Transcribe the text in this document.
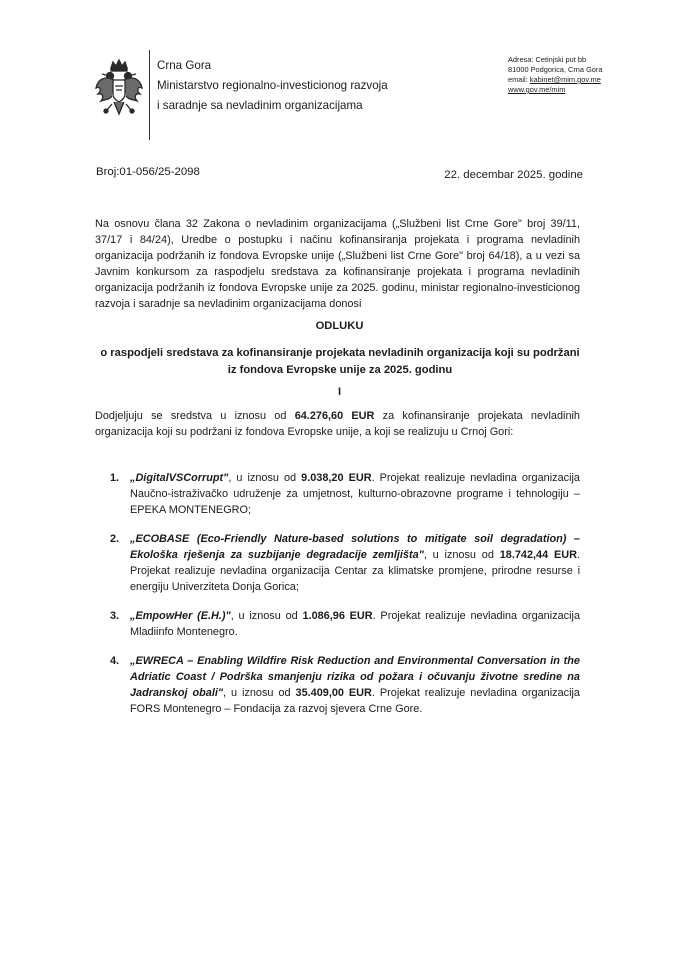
Crna Gora
Ministarstvo regionalno-investicionog razvoja
i saradnje sa nevladinim organizacijama
Adresa: Cetinjski put bb
81000 Podgorica, Crna Gora
email: kabinet@mim.gov.me
www.gov.me/mim
Broj:01-056/25-2098	22. decembar 2025. godine
Na osnovu člana 32 Zakona o nevladinim organizacijama („Službeni list Crne Gore" broj 39/11, 37/17 i 84/24), Uredbe o postupku i načinu kofinansiranja projekata i programa nevladinih organizacija podržanih iz fondova Evropske unije („Službeni list Crne Gore" broj 64/18), a u vezi sa Javnim konkursom za raspodjelu sredstava za kofinansiranje projekata i programa nevladinih organizacija podržanih iz fondova Evropske unije za 2025. godinu, ministar regionalno-investicionog razvoja i saradnje sa nevladinim organizacijama donosi
ODLUKU
o raspodjeli sredstava za kofinansiranje projekata nevladinih organizacija koji su podržani iz fondova Evropske unije za 2025. godinu
I
Dodjeljuju se sredstva u iznosu od 64.276,60 EUR za kofinansiranje projekata nevladinih organizacija koji su podržani iz fondova Evropske unije, a koji se realizuju u Crnoj Gori:
1. „DigitalVSCorrupt", u iznosu od 9.038,20 EUR. Projekat realizuje nevladina organizacija Naučno-istraživačko udruženje za umjetnost, kulturno-obrazovne programe i tehnologiju – EPEKA MONTENEGRO;
2. „ECOBASE (Eco-Friendly Nature-based solutions to mitigate soil degradation) – Ekološka rješenja za suzbijanje degradacije zemljišta", u iznosu od 18.742,44 EUR. Projekat realizuje nevladina organizacija Centar za klimatske promjene, prirodne resurse i energiju Univerziteta Donja Gorica;
3. „EmpowHer (E.H.)", u iznosu od 1.086,96 EUR. Projekat realizuje nevladina organizacija Mladiinfo Montenegro.
4. „EWRECA – Enabling Wildfire Risk Reduction and Environmental Conversation in the Adriatic Coast / Podrška smanjenju rizika od požara i očuvanju životne sredine na Jadranskoj obali", u iznosu od 35.409,00 EUR. Projekat realizuje nevladina organizacija FORS Montenegro – Fondacija za razvoj sjevera Crne Gore.
